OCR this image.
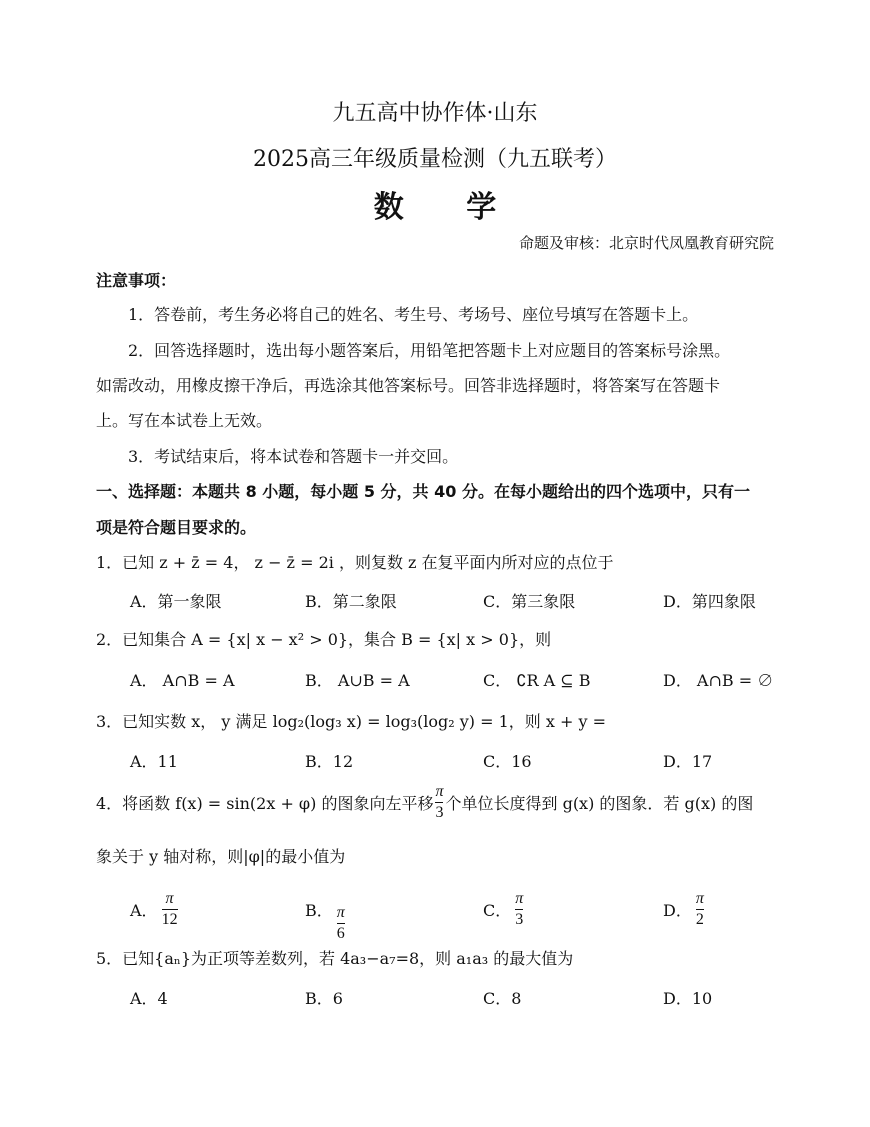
九五高中协作体·山东
2025高三年级质量检测（九五联考）
数 学
命题及审核：北京时代凤凰教育研究院
注意事项：
1．答卷前，考生务必将自己的姓名、考生号、考场号、座位号填写在答题卡上。
2．回答选择题时，选出每小题答案后，用铅笔把答题卡上对应题目的答案标号涂黑。
如需改动，用橡皮擦干净后，再选涂其他答案标号。回答非选择题时，将答案写在答题卡
上。写在本试卷上无效。
3．考试结束后，将本试卷和答题卡一并交回。
一、选择题：本题共 8 小题，每小题 5 分，共 40 分。在每小题给出的四个选项中，只有一
项是符合题目要求的。
1．已知 z + z̄ = 4， z − z̄ = 2i ，则复数 z 在复平面内所对应的点位于
A．第一象限	B．第二象限	C．第三象限	D．第四象限
2．已知集合 A = {x| x − x² > 0}，集合 B = {x| x > 0}，则
A． A∩B = A	B． A∪B = A	C． ∁R A ⊆ B	D． A∩B = ∅
3．已知实数 x， y 满足 log₂(log₃ x) = log₃(log₂ y) = 1，则 x + y =
A．11	B．12	C．16	D．17
4．将函数 f(x) = sin(2x + φ) 的图象向左平移 $\frac{\pi}{3}$ 个单位长度得到 g(x) 的图象．若 g(x) 的图
象关于 y 轴对称，则|φ|的最小值为
A． $\frac{\pi}{12}$	B． $\frac{\pi}{6}$	C． $\frac{\pi}{3}$	D． $\frac{\pi}{2}$
5．已知{aₙ}为正项等差数列，若 4a₃−a₇=8，则 a₁a₃ 的最大值为
A．4	B．6	C．8	D．10
